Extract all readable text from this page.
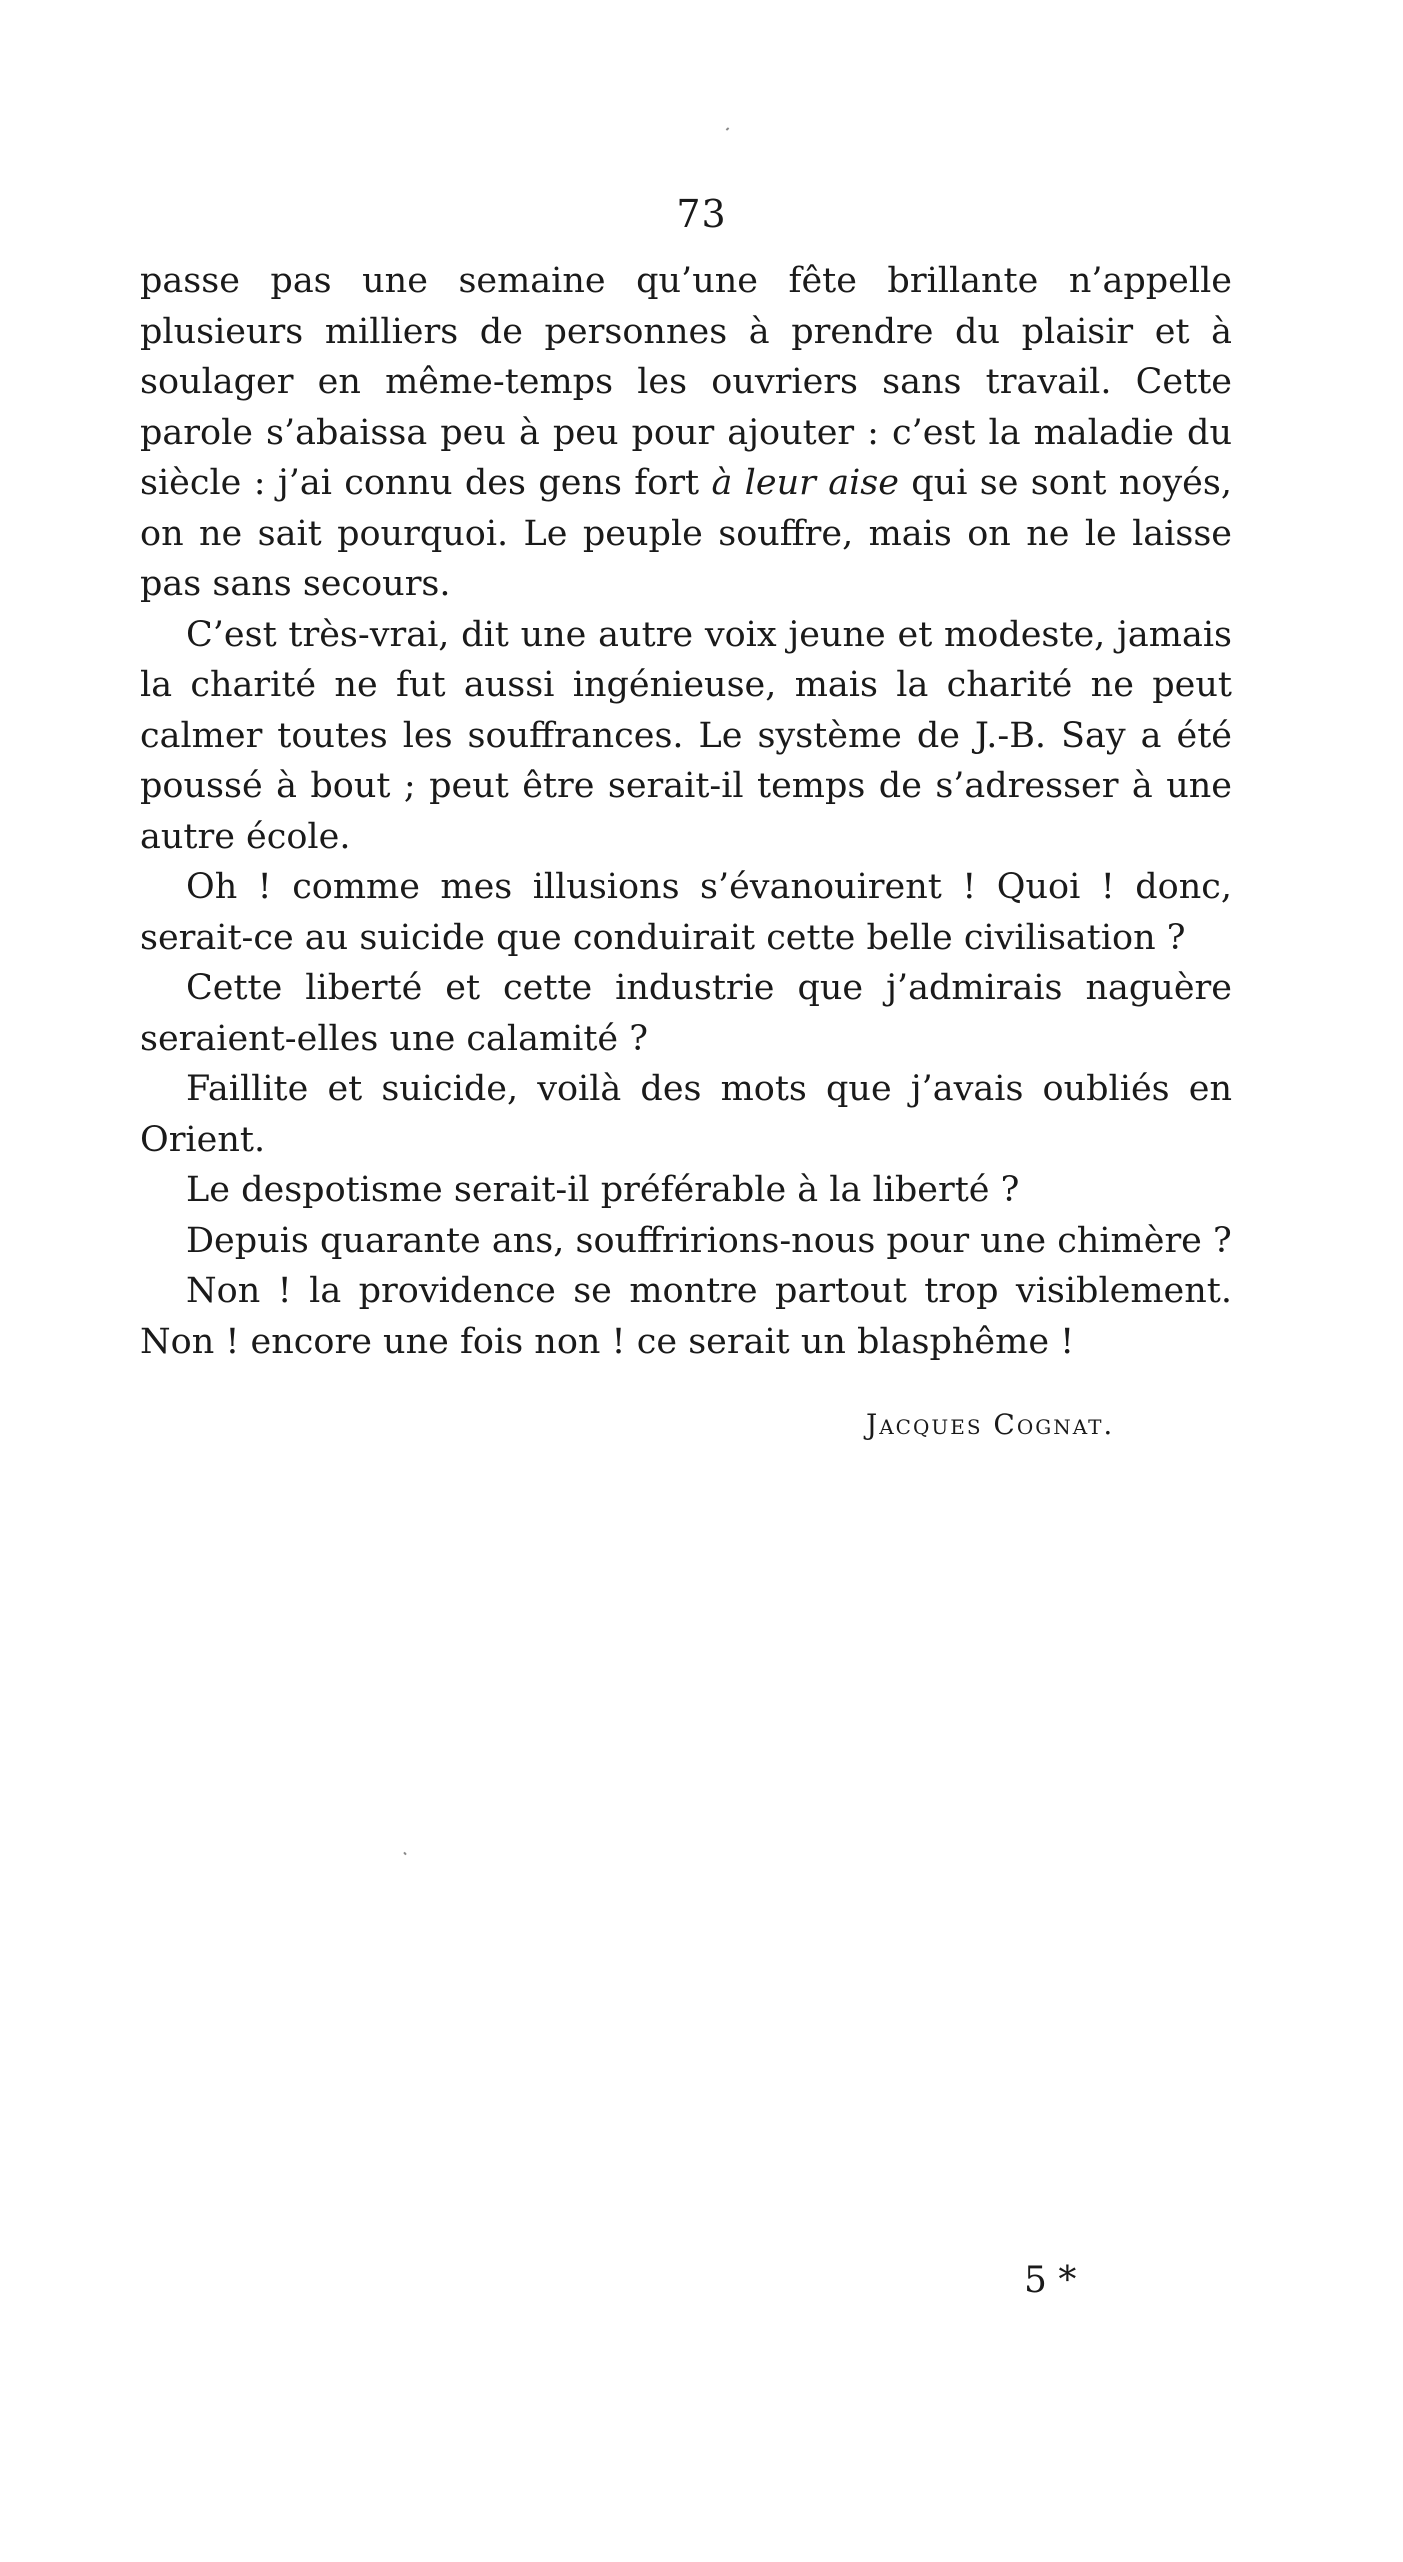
73

passe pas une semaine qu’une fête brillante n’appelle plusieurs milliers de personnes à prendre du plaisir et à soulager en même-temps les ouvriers sans travail. Cette parole s’abaissa peu à peu pour ajouter : c’est la maladie du siècle : j’ai connu des gens fort à leur aise qui se sont noyés, on ne sait pourquoi. Le peuple souffre, mais on ne le laisse pas sans secours.

C’est très-vrai, dit une autre voix jeune et modeste, jamais la charité ne fut aussi ingénieuse, mais la charité ne peut calmer toutes les souffrances. Le système de J.-B. Say a été poussé à bout ; peut être serait-il temps de s’adresser à une autre école.

Oh ! comme mes illusions s’évanouirent ! Quoi ! donc, serait-ce au suicide que conduirait cette belle civilisation ?

Cette liberté et cette industrie que j’admirais naguère seraient-elles une calamité ?

Faillite et suicide, voilà des mots que j’avais oubliés en Orient.

Le despotisme serait-il préférable à la liberté ?

Depuis quarante ans, souffririons-nous pour une chimère ?

Non ! la providence se montre partout trop visiblement. Non ! encore une fois non ! ce serait un blasphême !

Jacques Cognat.
5 *
